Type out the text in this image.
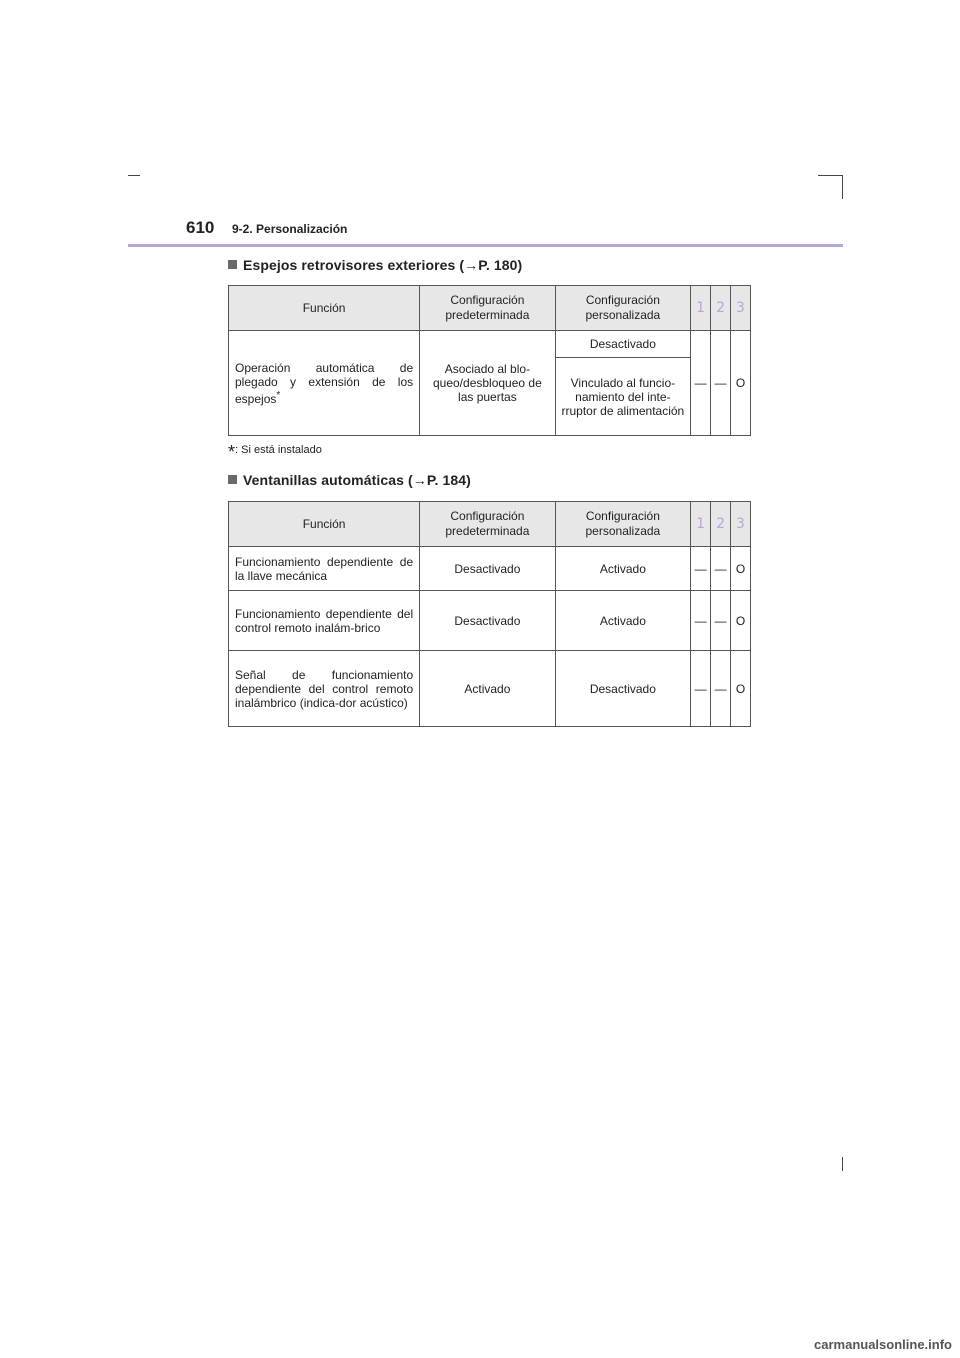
610 9-2. Personalización
Espejos retrovisores exteriores (→P. 180)
Función	Configuración predeterminada	Configuración personalizada	1	2	3
Operación automática de plegado y extensión de los espejos*	Asociado al blo-queo/desbloqueo de las puertas	Desactivado	—	—	O
		Vinculado al funcio-namiento del inte-rruptor de alimentación			
*: Si está instalado
Ventanillas automáticas (→P. 184)
Función	Configuración predeterminada	Configuración personalizada	1	2	3
Funcionamiento dependiente de la llave mecánica	Desactivado	Activado	—	—	O
Funcionamiento dependiente del control remoto inalám-brico	Desactivado	Activado	—	—	O
Señal de funcionamiento dependiente del control remoto inalámbrico (indica-dor acústico)	Activado	Desactivado	—	—	O
carmanualsonline.info
